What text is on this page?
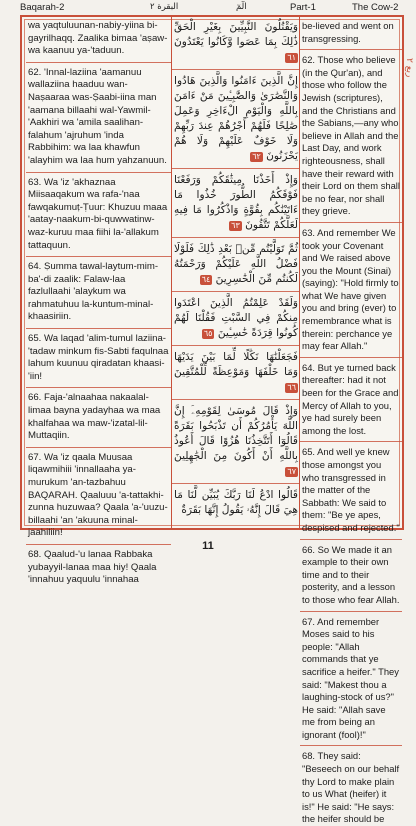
Baqarah-2	البقرة ٢	الٓمٓ	Part-1	The Cow-2

wa yaqtuluunan-nabiy-yiina bi-gayrilhaqq. Zaalika bimaa 'aṣaw-wa kaanuu ya-'taduun.

62. 'Innal-laziina 'aamanuu wallaziina haaduu wan-Naṣaaraa was-Ṣaabi-iina man 'aamana billaahi wal-Yawmil-'Aakhiri wa 'amila saalihan-falahum 'ajruhum 'inda Rabbihim: wa laa khawfun 'alayhim wa laa hum yahzanuun.

63. Wa 'iz 'akhaznaa Miisaaqakum wa rafa-'naa fawqakumuṭ-Ṭuur: Khuzuu maaa 'aatay-naakum-bi-quwwatinw-waz-kuruu maa fiihi la-'allakum tattaquun.

64. Ṣumma tawal-laytum-mim-ba'-di zaalik: Falaw-laa fazlullaahi 'alaykum wa rahmatuhuu la-kuntum-minal-khaasiriin.

65. Wa laqad 'alim-tumul laziina-'tadaw minkum fis-Sabti faqulnaa lahum kuunuu qiradatan khaasi-'iin!

66. Faja-'alnaahaa nakaalal-limaa bayna yadayhaa wa maa khalfahaa wa maw-'izatal-lil-Muttaqiin.

67. Wa 'iz qaala Muusaa liqawmihiii 'innallaaha ya-murukum 'an-tazbahuu BAQARAH. Qaaluuu 'a-tattakhi-zunna huzuwaa? Qaala 'a-'uuzu-billaahi 'an 'akuuna minal-jaahiliin!

68. Qaalud-'u lanaa Rabbaka yubayyil-lanaa maa hiy! Qaala 'innahuu yaquulu 'innahaa

وَيَقْتُلُونَ النَّبِيِّينَ بِغَيْرِ الْحَقِّ ذَٰلِكَ بِمَا عَصَوا وَّكَانُوا يَعْتَدُونَ ٦١

إِنَّ الَّذِينَ ءَامَنُوا وَالَّذِينَ هَادُوا وَالنَّصَٰرَىٰ وَالصَّٰبِـِٔينَ مَنْ ءَامَنَ بِاللَّهِ وَالْيَوْمِ الْءَاخِرِ وَعَمِلَ صَٰلِحًا فَلَهُمْ أَجْرُهُمْ عِندَ رَبِّهِمْ وَلَا خَوْفٌ عَلَيْهِمْ وَلَا هُمْ يَحْزَنُونَ ٦٢

وَإِذْ أَخَذْنَا مِيثَٰقَكُمْ وَرَفَعْنَا فَوْقَكُمُ الطُّورَ خُذُوا مَا ءَاتَيْنَٰكُم بِقُوَّةٍ وَاذْكُرُوا مَا فِيهِ لَعَلَّكُمْ تَتَّقُونَ ٦٣

ثُمَّ تَوَلَّيْتُم مِّنۢ بَعْدِ ذَٰلِكَ فَلَوْلَا فَضْلُ اللَّهِ عَلَيْكُمْ وَرَحْمَتُهُ لَكُنتُم مِّنَ الْخَٰسِرِينَ ٦٤

وَلَقَدْ عَلِمْتُمُ الَّذِينَ اعْتَدَوا مِنكُمْ فِي السَّبْتِ فَقُلْنَا لَهُمْ كُونُوا قِرَدَةً خَٰسِـِٔينَ ٦٥

فَجَعَلْنَٰهَا نَكَٰلًا لِّمَا بَيْنَ يَدَيْهَا وَمَا خَلْفَهَا وَمَوْعِظَةً لِّلْمُتَّقِينَ ٦٦

وَإِذْ قَالَ مُوسَىٰ لِقَوْمِهِۦٓ إِنَّ اللَّهَ يَأْمُرُكُمْ أَن تَذْبَحُوا بَقَرَةً قَالُوٓا أَتَتَّخِذُنَا هُزُوًا قَالَ أَعُوذُ بِاللَّهِ أَنْ أَكُونَ مِنَ الْجَٰهِلِينَ ٦٧

قَالُوا ادْعُ لَنَا رَبَّكَ يُبَيِّن لَّنَا مَا هِيَ قَالَ إِنَّهُۥ يَقُولُ إِنَّهَا بَقَرَةٌ

be-lieved and went on transgressing.

62. Those who believe (in the Qur'an), and those who follow the Jewish (scriptures), and the Christians and the Sabians,—any who believe in Allah and the Last Day, and work righteousness, shall have their reward with their Lord on them shall be no fear, nor shall they grieve.

63. And remember We took your Covenant and We raised above you the Mount (Sinai) (saying): "Hold firmly to what We have given you and bring (ever) to remembrance what is therein: perchance ye may fear Allah."

64. But ye turned back thereafter: had it not been for the Grace and Mercy of Allah to you, ye had surely been among the lost.

65. And well ye knew those amongst you who transgressed in the matter of the Sabbath: We said to them: "Be ye apes, despised and rejected."

66. So We made it an example to their own time and to their posterity, and a lesson to those who fear Allah.

67. And remember Moses said to his people: "Allah commands that ye sacrifice a heifer." They said: "Makest thou a laughing-stock of us?" He said: "Allah save me from being an ignorant (fool)!"

68. They said: "Beseech on our behalf thy Lord to make plain to us What (heifer) it is!" He said: "He says: the heifer should be

ربع ٢
11
